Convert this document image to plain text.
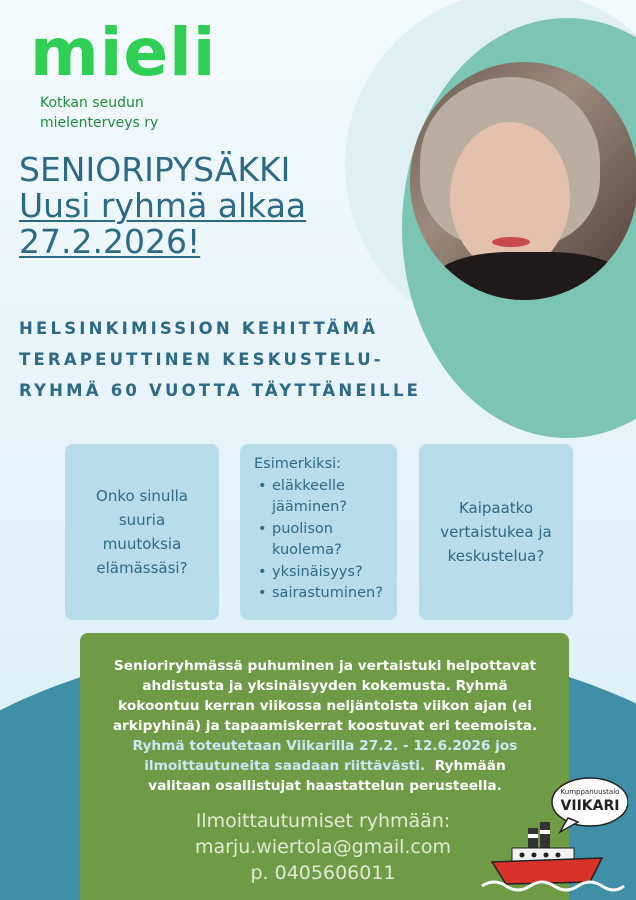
mieli
Kotkan seudun
mielenterveys ry
SENIORIPYSÄKKI
Uusi ryhmä alkaa
27.2.2026!
HELSINKIMISSION KEHITTÄMÄ
TERAPEUTTINEN KESKUSTELU-
RYHMÄ 60 VUOTTA TÄYTTÄNEILLE
Onko sinulla
suuria
muutoksia
elämässäsi?
Esimerkiksi:
• eläkkeelle
jääminen?
• puolison
kuolema?
• yksinäisyys?
• sairastuminen?
Kaipaatko
vertaistukea ja
keskustelua?
Senioriryhmässä puhuminen ja vertaistuki helpottavat
ahdistusta ja yksinäisyyden kokemusta. Ryhmä
kokoontuu kerran viikossa neljäntoista viikon ajan (ei
arkipyhinä) ja tapaamiskerrat koostuvat eri teemoista.
Ryhmä toteutetaan Viikarilla 27.2. - 12.6.2026 jos
ilmoittautuneita saadaan riittävästi. Ryhmään
valitaan osallistujat haastattelun perusteella.
Ilmoittautumiset ryhmään:
marju.wiertola@gmail.com
p. 0405606011
Kumppanuustalo
VIIKARI
